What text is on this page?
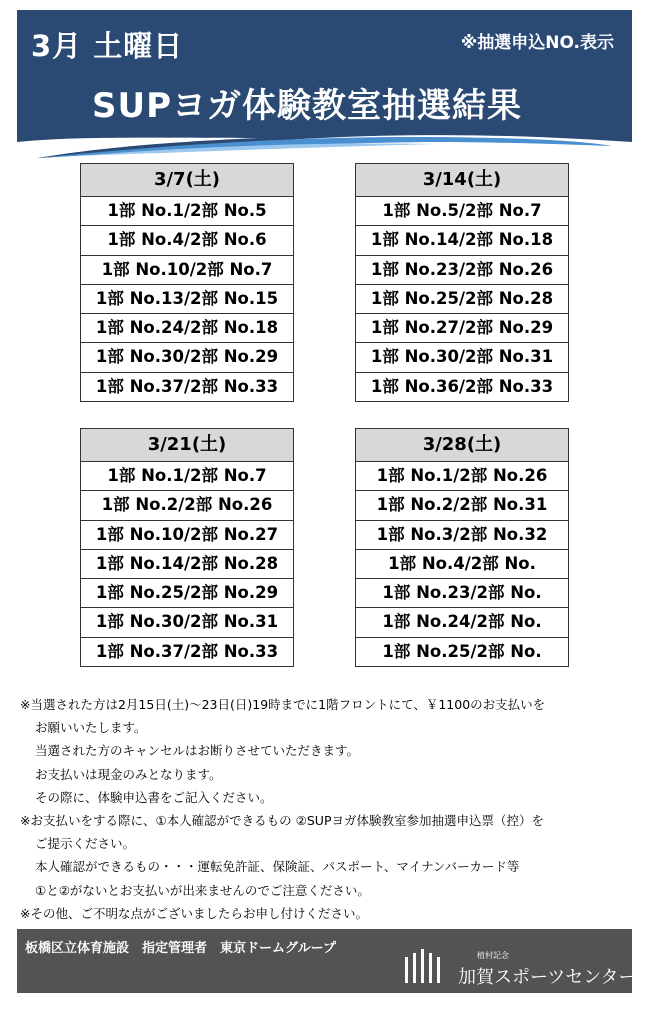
3月 土曜日	※抽選申込NO.表示
SUPヨガ体験教室抽選結果
3/7(土)
1部 No.1/2部 No.5
1部 No.4/2部 No.6
1部 No.10/2部 No.7
1部 No.13/2部 No.15
1部 No.24/2部 No.18
1部 No.30/2部 No.29
1部 No.37/2部 No.33
3/14(土)
1部 No.5/2部 No.7
1部 No.14/2部 No.18
1部 No.23/2部 No.26
1部 No.25/2部 No.28
1部 No.27/2部 No.29
1部 No.30/2部 No.31
1部 No.36/2部 No.33
3/21(土)
1部 No.1/2部 No.7
1部 No.2/2部 No.26
1部 No.10/2部 No.27
1部 No.14/2部 No.28
1部 No.25/2部 No.29
1部 No.30/2部 No.31
1部 No.37/2部 No.33
3/28(土)
1部 No.1/2部 No.26
1部 No.2/2部 No.31
1部 No.3/2部 No.32
1部 No.4/2部 No.
1部 No.23/2部 No.
1部 No.24/2部 No.
1部 No.25/2部 No.
※当選された方は2月15日(土)～23日(日)19時までに1階フロントにて、￥1100のお支払いを
お願いいたします。
当選された方のキャンセルはお断りさせていただきます。
お支払いは現金のみとなります。
その際に、体験申込書をご記入ください。
※お支払いをする際に、①本人確認ができるもの ②SUPヨガ体験教室参加抽選申込票（控）を
ご提示ください。
本人確認ができるもの・・・運転免許証、保険証、パスポート、マイナンバーカード等
①と②がないとお支払いが出来ませんのでご注意ください。
※その他、ご不明な点がございましたらお申し付けください。
板橋区立体育施設　指定管理者　東京ドームグループ	植村記念
加賀スポーツセンター
